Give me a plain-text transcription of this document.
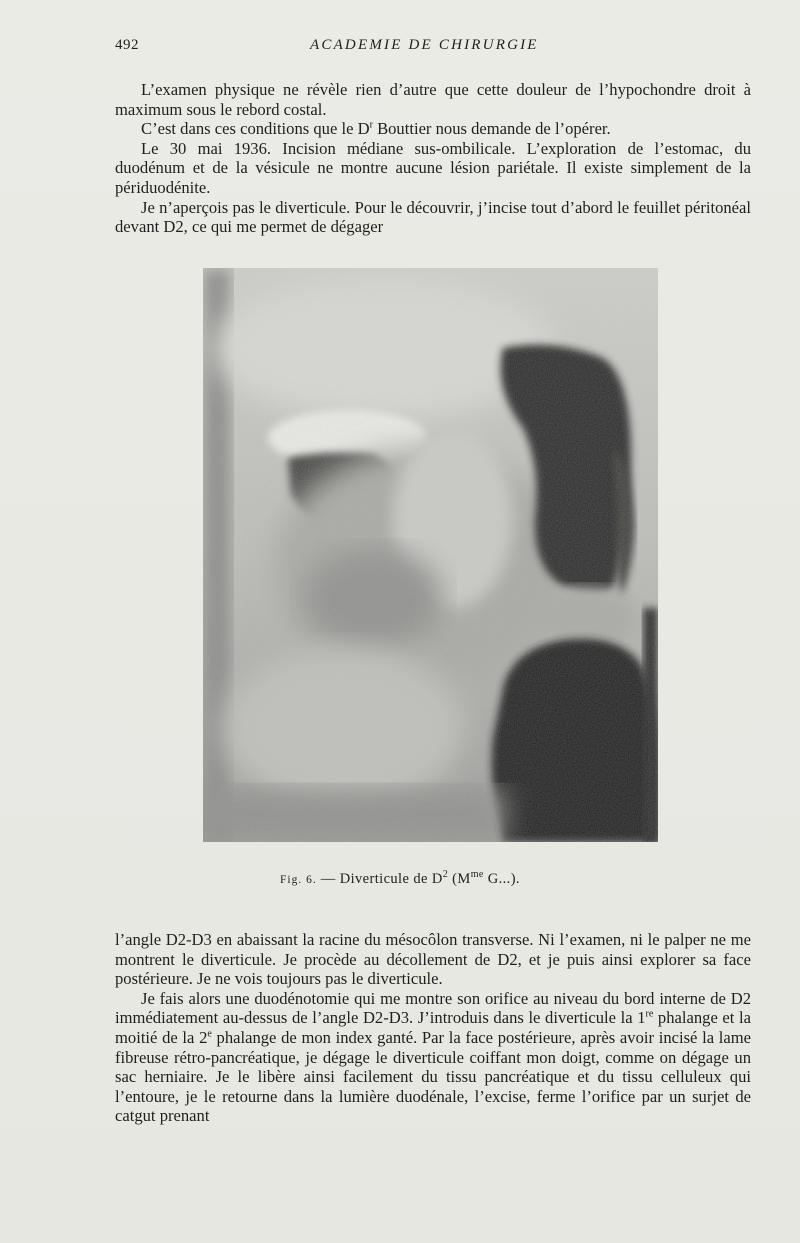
492	ACADEMIE DE CHIRURGIE

L’examen physique ne révèle rien d’autre que cette douleur de l’hypochondre droit à maximum sous le rebord costal.

C’est dans ces conditions que le $D^r$ Bouttier nous demande de l’opérer.

Le 30 mai 1936. Incision médiane sus-ombilicale. L’exploration de l’estomac, du duodénum et de la vésicule ne montre aucune lésion pariétale. Il existe simplement de la périduodénite.

Je n’aperçois pas le diverticule. Pour le découvrir, j’incise tout d’abord le feuillet péritonéal devant D2, ce qui me permet de dégager

Fig. 6. — Diverticule de $D^2$ ($M^{me}$ G...).

l’angle D2-D3 en abaissant la racine du mésocôlon transverse. Ni l’examen, ni le palper ne me montrent le diverticule. Je procède au décollement de D2, et je puis ainsi explorer sa face postérieure. Je ne vois toujours pas le diverticule.

Je fais alors une duodénotomie qui me montre son orifice au niveau du bord interne de D2 immédiatement au-dessus de l’angle D2-D3. J’introduis dans le diverticule la 1re phalange et la moitié de la 2e phalange de mon index ganté. Par la face postérieure, après avoir incisé la lame fibreuse rétro-pancréatique, je dégage le diverticule coiffant mon doigt, comme on dégage un sac herniaire. Je le libère ainsi facilement du tissu pancréatique et du tissu celluleux qui l’entoure, je le retourne dans la lumière duodénale, l’excise, ferme l’orifice par un surjet de catgut prenant
